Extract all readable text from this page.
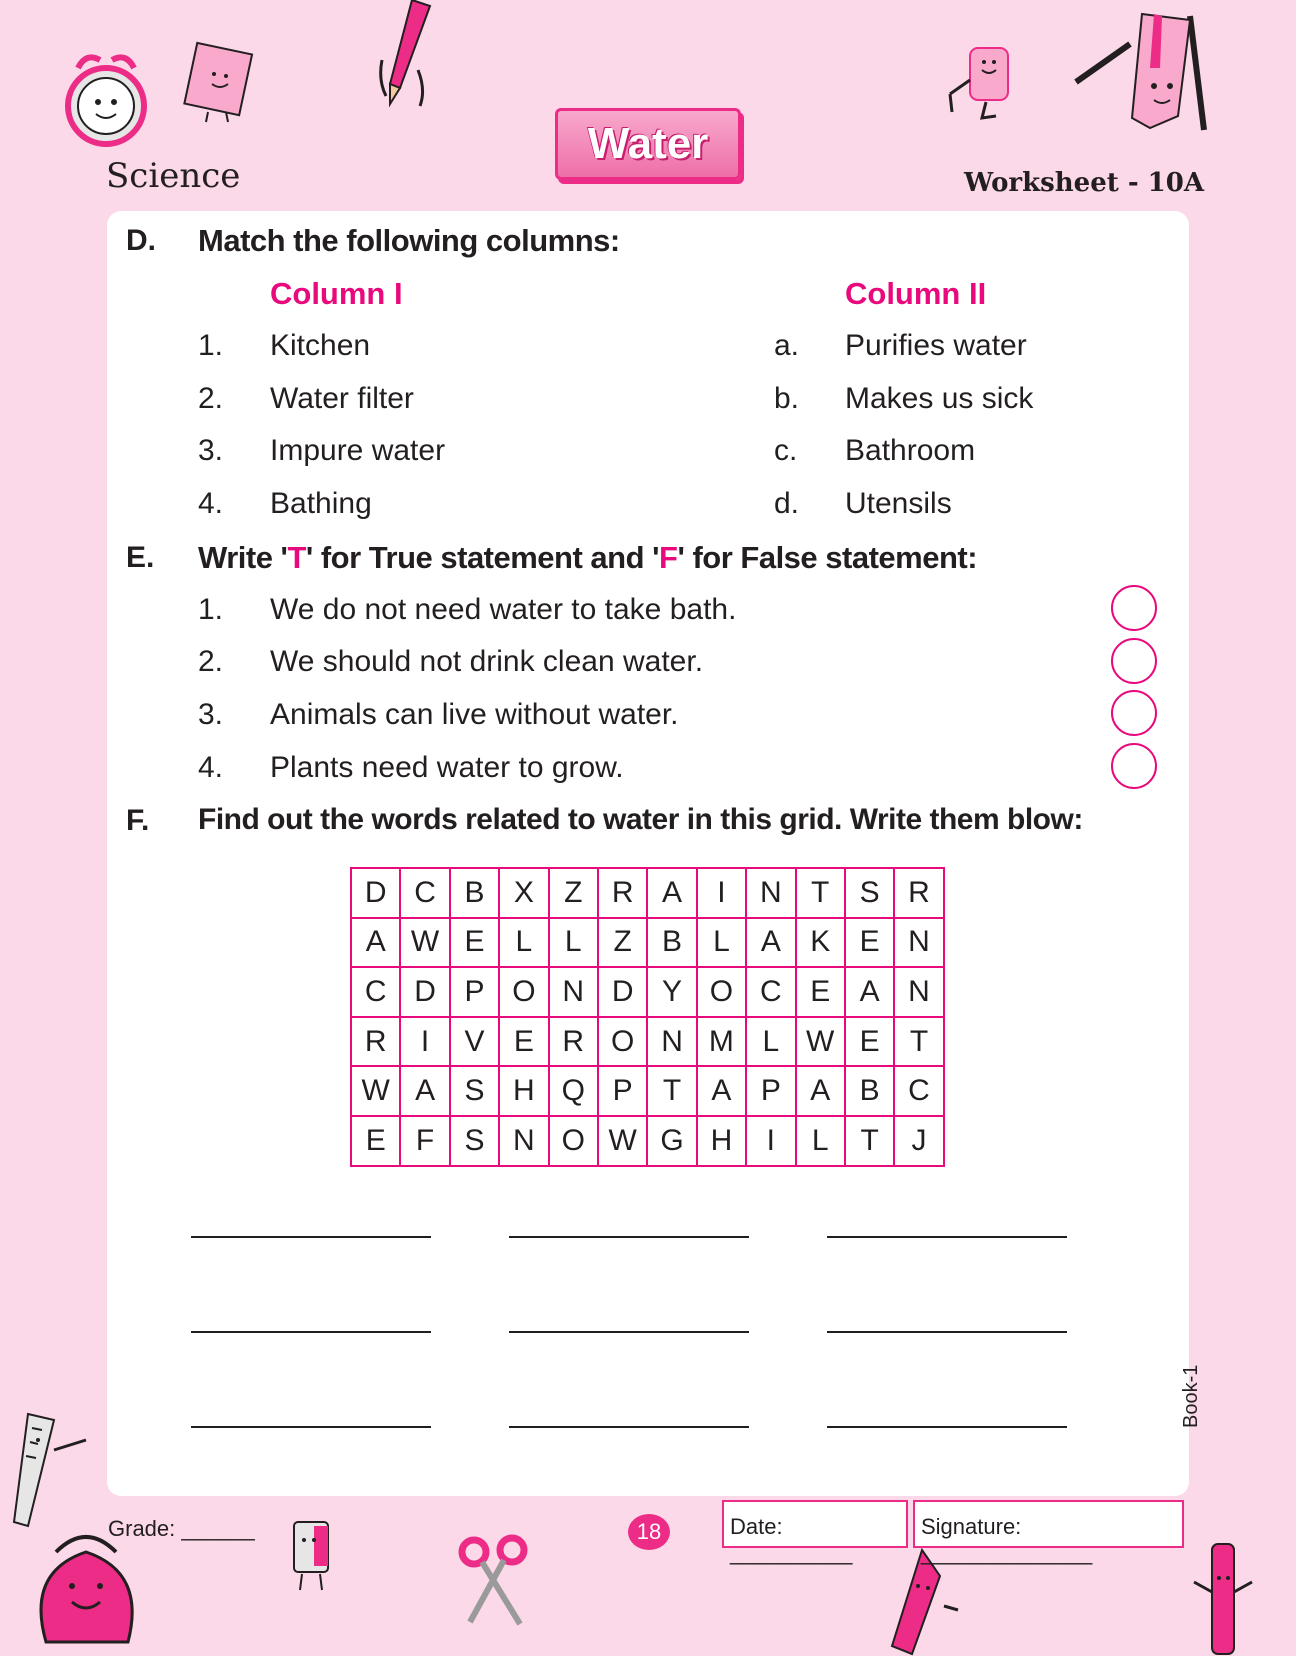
Science
Water
Worksheet - 10A
D. Match the following columns:
Column I	Column II
1. Kitchen	a. Purifies water
2. Water filter	b. Makes us sick
3. Impure water	c. Bathroom
4. Bathing	d. Utensils
E. Write 'T' for True statement and 'F' for False statement:
1. We do not need water to take bath.
2. We should not drink clean water.
3. Animals can live without water.
4. Plants need water to grow.
F. Find out the words related to water in this grid. Write them blow:
D	C	B	X	Z	R	A	I	N	T	S	R
A	W	E	L	L	Z	B	L	A	K	E	N
C	D	P	O	N	D	Y	O	C	E	A	N
R	I	V	E	R	O	N	M	L	W	E	T
W	A	S	H	Q	P	T	A	P	A	B	C
E	F	S	N	O	W	G	H	I	L	T	J
Grade: ______	18	Date: __________
Signature: ______________
Book-1
